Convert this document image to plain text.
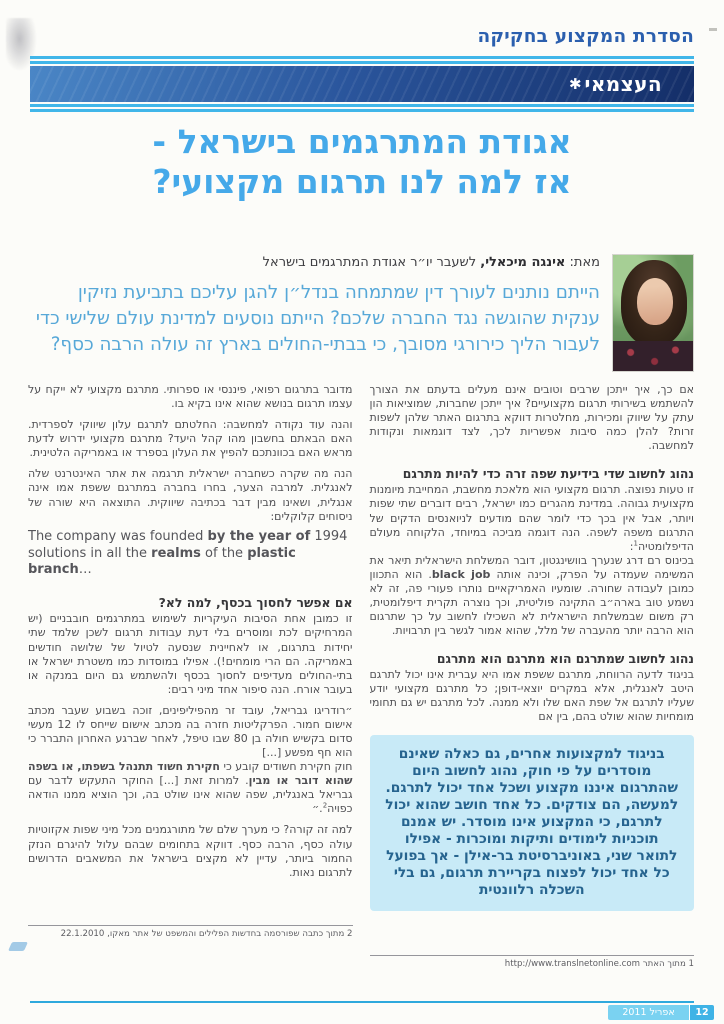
הסדרת המקצוע בחקיקה
העצמאי
✱
אגודת המתרגמים בישראל -
אז למה לנו תרגום מקצועי?

מאת: אינגה מיכאלי, לשעבר יו״ר אגודת המתרגמים בישראל

הייתם נותנים לעורך דין שמתמחה בנדל״ן להגן עליכם בתביעת נזיקין ענקית שהוגשה נגד החברה שלכם? הייתם נוסעים למדינת עולם שלישי כדי לעבור הליך כירורגי מסובך, כי בבתי-החולים בארץ זה עולה הרבה כסף?

אם כך, איך ייתכן שרבים וטובים אינם מעלים בדעתם את הצורך להשתמש בשירותי תרגום מקצועיים? איך ייתכן שחברות, שמוציאות הון עתק על שיווק ומכירות, מחלטרות דווקא בתרגום האתר שלהן לשפות זרות? להלן כמה סיבות אפשריות לכך, לצד דוגמאות ונקודות למחשבה.

נהוג לחשוב שדי בידיעת שפה זרה כדי להיות מתרגם

זו טעות נפוצה. תרגום מקצועי הוא מלאכת מחשבת, המחייבת מיומנות מקצועית גבוהה. במדינת מהגרים כמו ישראל, רבים דוברים שתי שפות ויותר, אבל אין בכך כדי לומר שהם מודעים לניואנסים הדקים של התרגום משפה לשפה. הנה דוגמה מביכה במיוחד, הלקוחה מעולם הדיפלומטיה$^1$:

בכינוס רם דרג שנערך בוושינגטון, דובר המשלחת הישראלית תיאר את המשימה שעמדה על הפרק, וכינה אותה black job. הוא התכוון כמובן לעבודה שחורה. שומעיו האמריקאיים נותרו פעורי פה, זה לא נשמע טוב בארה״ב התקינה פוליטית, וכך נוצרה תקרית דיפלומטית, רק משום שבמשלחת הישראלית לא השכילו לחשוב על כך שתרגום הוא הרבה יותר מהעברה של מלל, שהוא אמור לגשר בין תרבויות.

נהוג לחשוב שמתרגם הוא מתרגם הוא מתרגם

בניגוד לדעה הרווחת, מתרגם ששפת אמו היא עברית אינו יכול לתרגם היטב לאנגלית, אלא במקרים יוצאי-דופן; כל מתרגם מקצועי יודע שעליו לתרגם אל שפת האם שלו ולא ממנה. לכל מתרגם יש גם תחומי מומחיות שהוא שולט בהם, בין אם

בניגוד למקצועות אחרים, גם כאלה שאינם מוסדרים על פי חוק, נהוג לחשוב היום שהתרגום איננו מקצוע ושכל אחד יכול לתרגם. למעשה, הם צודקים. כל אחד חושב שהוא יכול לתרגם, כי המקצוע אינו מוסדר. יש אמנם תוכניות לימודים ותיקות ומוכרות - אפילו לתואר שני, באוניברסיטת בר-אילן - אך בפועל כל אחד יכול לפצוח בקריירת תרגום, גם בלי השכלה רלוונטית
1 מתוך האתר http://www.translnetonline.com

מדובר בתרגום רפואי, פיננסי או ספרותי. מתרגם מקצועי לא ייקח על עצמו תרגום בנושא שהוא אינו בקיא בו.

והנה עוד נקודה למחשבה: החלטתם לתרגם עלון שיווקי לספרדית. האם הבאתם בחשבון מהו קהל היעד? מתרגם מקצועי ידרוש לדעת מראש האם בכוונתכם להפיץ את העלון בספרד או באמריקה הלטינית.

הנה מה שקרה כשחברה ישראלית תרגמה את אתר האינטרנט שלה לאנגלית. למרבה הצער, בחרו בחברה במתרגם ששפת אמו אינה אנגלית, ושאינו מבין דבר בכתיבה שיווקית. התוצאה היא שורה של ניסוחים קלוקלים:

The company was founded by the year of 1994
solutions in all the realms of the plastic branch…
אם אפשר לחסוך בכסף, למה לא?

זו כמובן אחת הסיבות העיקריות לשימוש במתרגמים חובבניים (יש המרחיקים לכת ומוסרים בלי דעת עבודות תרגום לשכן שלמד שתי יחידות בתרגום, או לאחיינית שנסעה לטיול של שלושה חודשים באמריקה. הם הרי מומחים!). אפילו במוסדות כמו משטרת ישראל או בתי-החולים מעדיפים לחסוך בכסף ולהשתמש גם היום במנקה או בעובר אורח. הנה סיפור אחד מיני רבים:

״רודריגו גבריאל, עובד זר מהפיליפינים, זוכה בשבוע שעבר מכתב אישום חמור. הפרקליטות חזרה בה מכתב אישום שייחס לו 12 מעשי סדום בקשיש חולה בן 80 שבו טיפל, לאחר שברגע האחרון התברר כי הוא חף מפשע [...]

חוק חקירת חשודים קובע כי חקירת חשוד תתנהל בשפתו, או בשפה שהוא דובר או מבין. למרות זאת [...] החוקר התעקש לדבר עם גבריאל באנגלית, שפה שהוא אינו שולט בה, וכך הוציא ממנו הודאה כפויה$^2$.״

למה זה קורה? כי מערך שלם של מתורגמנים מכל מיני שפות אקזוטיות עולה כסף, הרבה כסף. דווקא בתחומים שבהם עלול להיגרם הנזק החמור ביותר, עדיין לא מקצים בישראל את המשאבים הדרושים לתרגום נאות.

2 מתוך כתבה שפורסמה בחדשות הפלילים והמשפט של אתר מאקו, 22.1.2010
12
אפריל 2011
